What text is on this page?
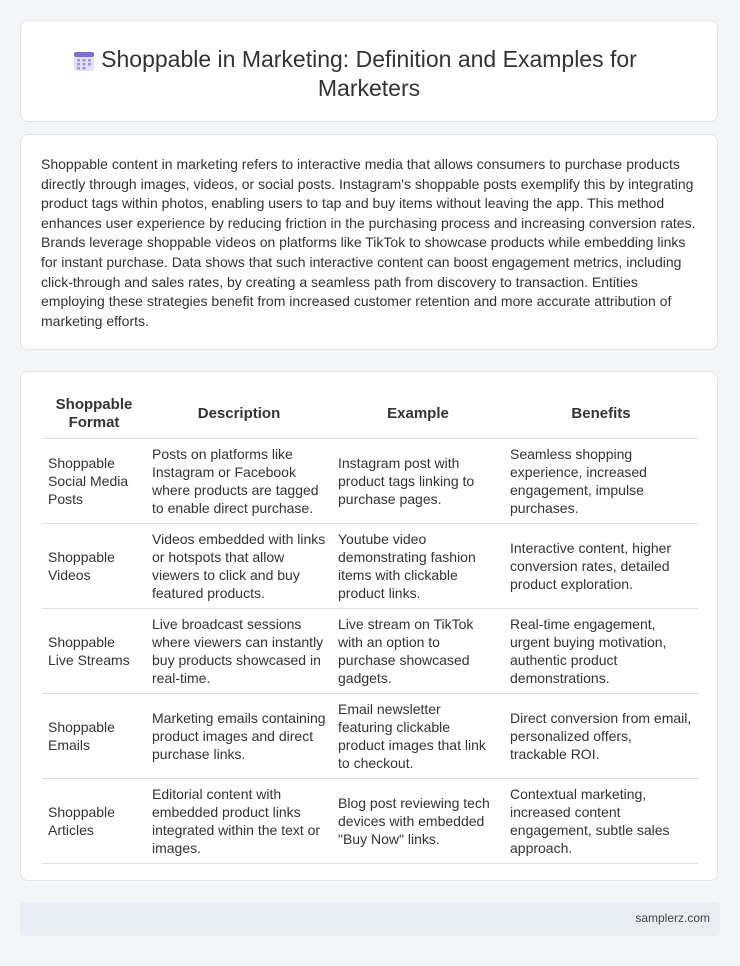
Shoppable in Marketing: Definition and Examples for Marketers

Shoppable content in marketing refers to interactive media that allows consumers to purchase products directly through images, videos, or social posts. Instagram's shoppable posts exemplify this by integrating product tags within photos, enabling users to tap and buy items without leaving the app. This method enhances user experience by reducing friction in the purchasing process and increasing conversion rates. Brands leverage shoppable videos on platforms like TikTok to showcase products while embedding links for instant purchase. Data shows that such interactive content can boost engagement metrics, including click-through and sales rates, by creating a seamless path from discovery to transaction. Entities employing these strategies benefit from increased customer retention and more accurate attribution of marketing efforts.

Shoppable Format	Description	Example	Benefits
Shoppable Social Media Posts	Posts on platforms like Instagram or Facebook where products are tagged to enable direct purchase.	Instagram post with product tags linking to purchase pages.	Seamless shopping experience, increased engagement, impulse purchases.
Shoppable Videos	Videos embedded with links or hotspots that allow viewers to click and buy featured products.	Youtube video demonstrating fashion items with clickable product links.	Interactive content, higher conversion rates, detailed product exploration.
Shoppable Live Streams	Live broadcast sessions where viewers can instantly buy products showcased in real-time.	Live stream on TikTok with an option to purchase showcased gadgets.	Real-time engagement, urgent buying motivation, authentic product demonstrations.
Shoppable Emails	Marketing emails containing product images and direct purchase links.	Email newsletter featuring clickable product images that link to checkout.	Direct conversion from email, personalized offers, trackable ROI.
Shoppable Articles	Editorial content with embedded product links integrated within the text or images.	Blog post reviewing tech devices with embedded "Buy Now" links.	Contextual marketing, increased content engagement, subtle sales approach.
samplerz.com
